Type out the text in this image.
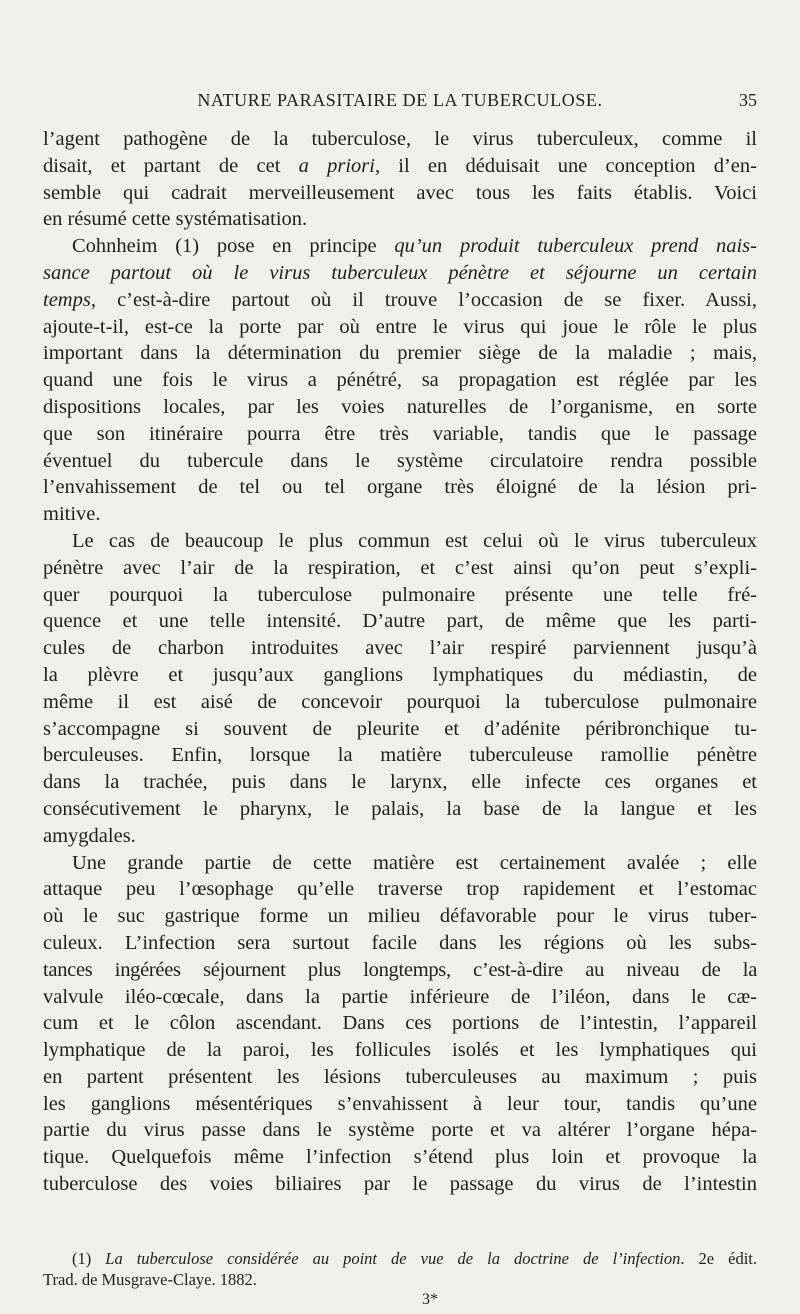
NATURE PARASITAIRE DE LA TUBERCULOSE.	35
l’agent pathogène de la tuberculose, le virus tuberculeux, comme il
disait, et partant de cet a priori, il en déduisait une conception d’en-
semble qui cadrait merveilleusement avec tous les faits établis. Voici
en résumé cette systématisation.
Cohnheim (1) pose en principe qu’un produit tuberculeux prend nais-
sance partout où le virus tuberculeux pénètre et séjourne un certain
temps, c’est-à-dire partout où il trouve l’occasion de se fixer. Aussi,
ajoute-t-il, est-ce la porte par où entre le virus qui joue le rôle le plus
important dans la détermination du premier siège de la maladie ; mais,
quand une fois le virus a pénétré, sa propagation est réglée par les
dispositions locales, par les voies naturelles de l’organisme, en sorte
que son itinéraire pourra être très variable, tandis que le passage
éventuel du tubercule dans le système circulatoire rendra possible
l’envahissement de tel ou tel organe très éloigné de la lésion pri-
mitive.
Le cas de beaucoup le plus commun est celui où le virus tuberculeux
pénètre avec l’air de la respiration, et c’est ainsi qu’on peut s’expli-
quer pourquoi la tuberculose pulmonaire présente une telle fré-
quence et une telle intensité. D’autre part, de même que les parti-
cules de charbon introduites avec l’air respiré parviennent jusqu’à
la plèvre et jusqu’aux ganglions lymphatiques du médiastin, de
même il est aisé de concevoir pourquoi la tuberculose pulmonaire
s’accompagne si souvent de pleurite et d’adénite péribronchique tu-
berculeuses. Enfin, lorsque la matière tuberculeuse ramollie pénètre
dans la trachée, puis dans le larynx, elle infecte ces organes et
consécutivement le pharynx, le palais, la base de la langue et les
amygdales.
Une grande partie de cette matière est certainement avalée ; elle
attaque peu l’œsophage qu’elle traverse trop rapidement et l’estomac
où le suc gastrique forme un milieu défavorable pour le virus tuber-
culeux. L’infection sera surtout facile dans les régions où les subs-
tances ingérées séjournent plus longtemps, c’est-à-dire au niveau de la
valvule iléo-cœcale, dans la partie inférieure de l’iléon, dans le cæ-
cum et le côlon ascendant. Dans ces portions de l’intestin, l’appareil
lymphatique de la paroi, les follicules isolés et les lymphatiques qui
en partent présentent les lésions tuberculeuses au maximum ; puis
les ganglions mésentériques s’envahissent à leur tour, tandis qu’une
partie du virus passe dans le système porte et va altérer l’organe hépa-
tique. Quelquefois même l’infection s’étend plus loin et provoque la
tuberculose des voies biliaires par le passage du virus de l’intestin
(1) La tuberculose considérée au point de vue de la doctrine de l’infection. 2e édit.
Trad. de Musgrave-Claye. 1882.
3*
